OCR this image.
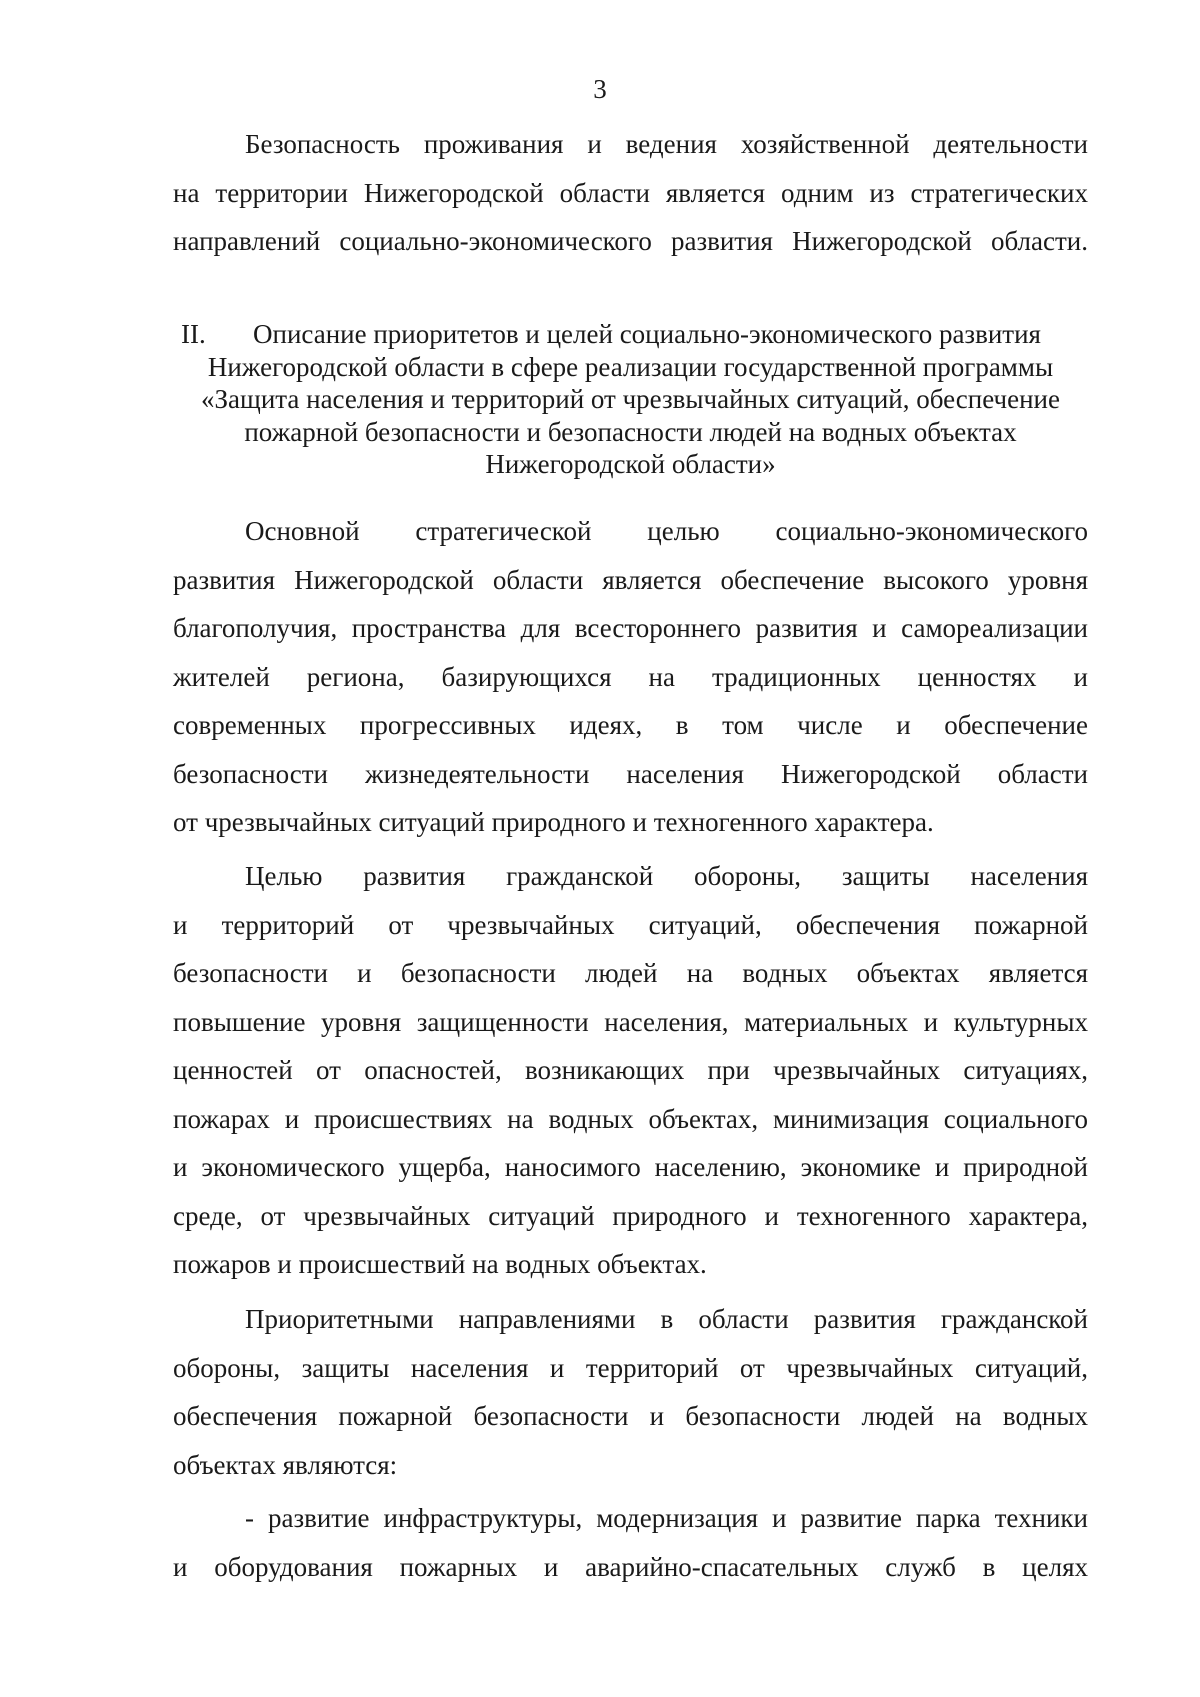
3
Безопасность проживания и ведения хозяйственной деятельности
на территории Нижегородской области является одним из стратегических
направлений социально-экономического развития Нижегородской области.
II. Описание приоритетов и целей социально-экономического развития
Нижегородской области в сфере реализации государственной программы
«Защита населения и территорий от чрезвычайных ситуаций, обеспечение
пожарной безопасности и безопасности людей на водных объектах
Нижегородской области»
Основной стратегической целью социально-экономического
развития Нижегородской области является обеспечение высокого уровня
благополучия, пространства для всестороннего развития и самореализации
жителей региона, базирующихся на традиционных ценностях и
современных прогрессивных идеях, в том числе и обеспечение
безопасности жизнедеятельности населения Нижегородской области
от чрезвычайных ситуаций природного и техногенного характера.
Целью развития гражданской обороны, защиты населения
и территорий от чрезвычайных ситуаций, обеспечения пожарной
безопасности и безопасности людей на водных объектах является
повышение уровня защищенности населения, материальных и культурных
ценностей от опасностей, возникающих при чрезвычайных ситуациях,
пожарах и происшествиях на водных объектах, минимизация социального
и экономического ущерба, наносимого населению, экономике и природной
среде, от чрезвычайных ситуаций природного и техногенного характера,
пожаров и происшествий на водных объектах.
Приоритетными направлениями в области развития гражданской
обороны, защиты населения и территорий от чрезвычайных ситуаций,
обеспечения пожарной безопасности и безопасности людей на водных
объектах являются:
- развитие инфраструктуры, модернизация и развитие парка техники
и оборудования пожарных и аварийно-спасательных служб в целях
